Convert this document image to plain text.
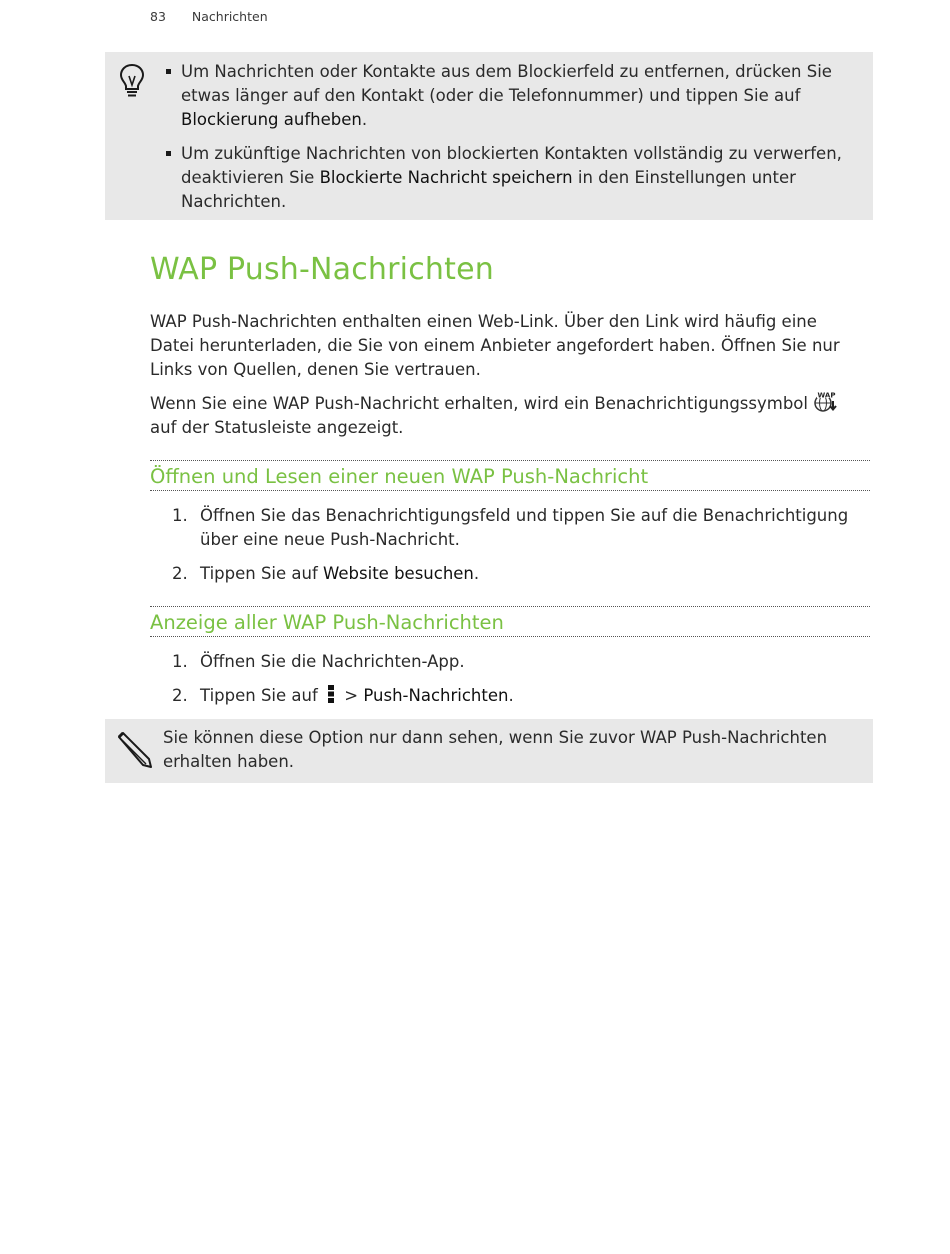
83 Nachrichten
Um Nachrichten oder Kontakte aus dem Blockierfeld zu entfernen, drücken Sie etwas länger auf den Kontakt (oder die Telefonnummer) und tippen Sie auf Blockierung aufheben.
Um zukünftige Nachrichten von blockierten Kontakten vollständig zu verwerfen, deaktivieren Sie Blockierte Nachricht speichern in den Einstellungen unter Nachrichten.
WAP Push-Nachrichten

WAP Push-Nachrichten enthalten einen Web-Link. Über den Link wird häufig eine Datei herunterladen, die Sie von einem Anbieter angefordert haben. Öffnen Sie nur Links von Quellen, denen Sie vertrauen.

Wenn Sie eine WAP Push-Nachricht erhalten, wird ein Benachrichtigungssymbol WAP
auf der Statusleiste angezeigt.

Öffnen und Lesen einer neuen WAP Push-Nachricht
1. Öffnen Sie das Benachrichtigungsfeld und tippen Sie auf die Benachrichtigung über eine neue Push-Nachricht.
2. Tippen Sie auf Website besuchen.
Anzeige aller WAP Push-Nachrichten
1. Öffnen Sie die Nachrichten-App.
2. Tippen Sie auf  > Push-Nachrichten.

Sie können diese Option nur dann sehen, wenn Sie zuvor WAP Push-Nachrichten erhalten haben.
